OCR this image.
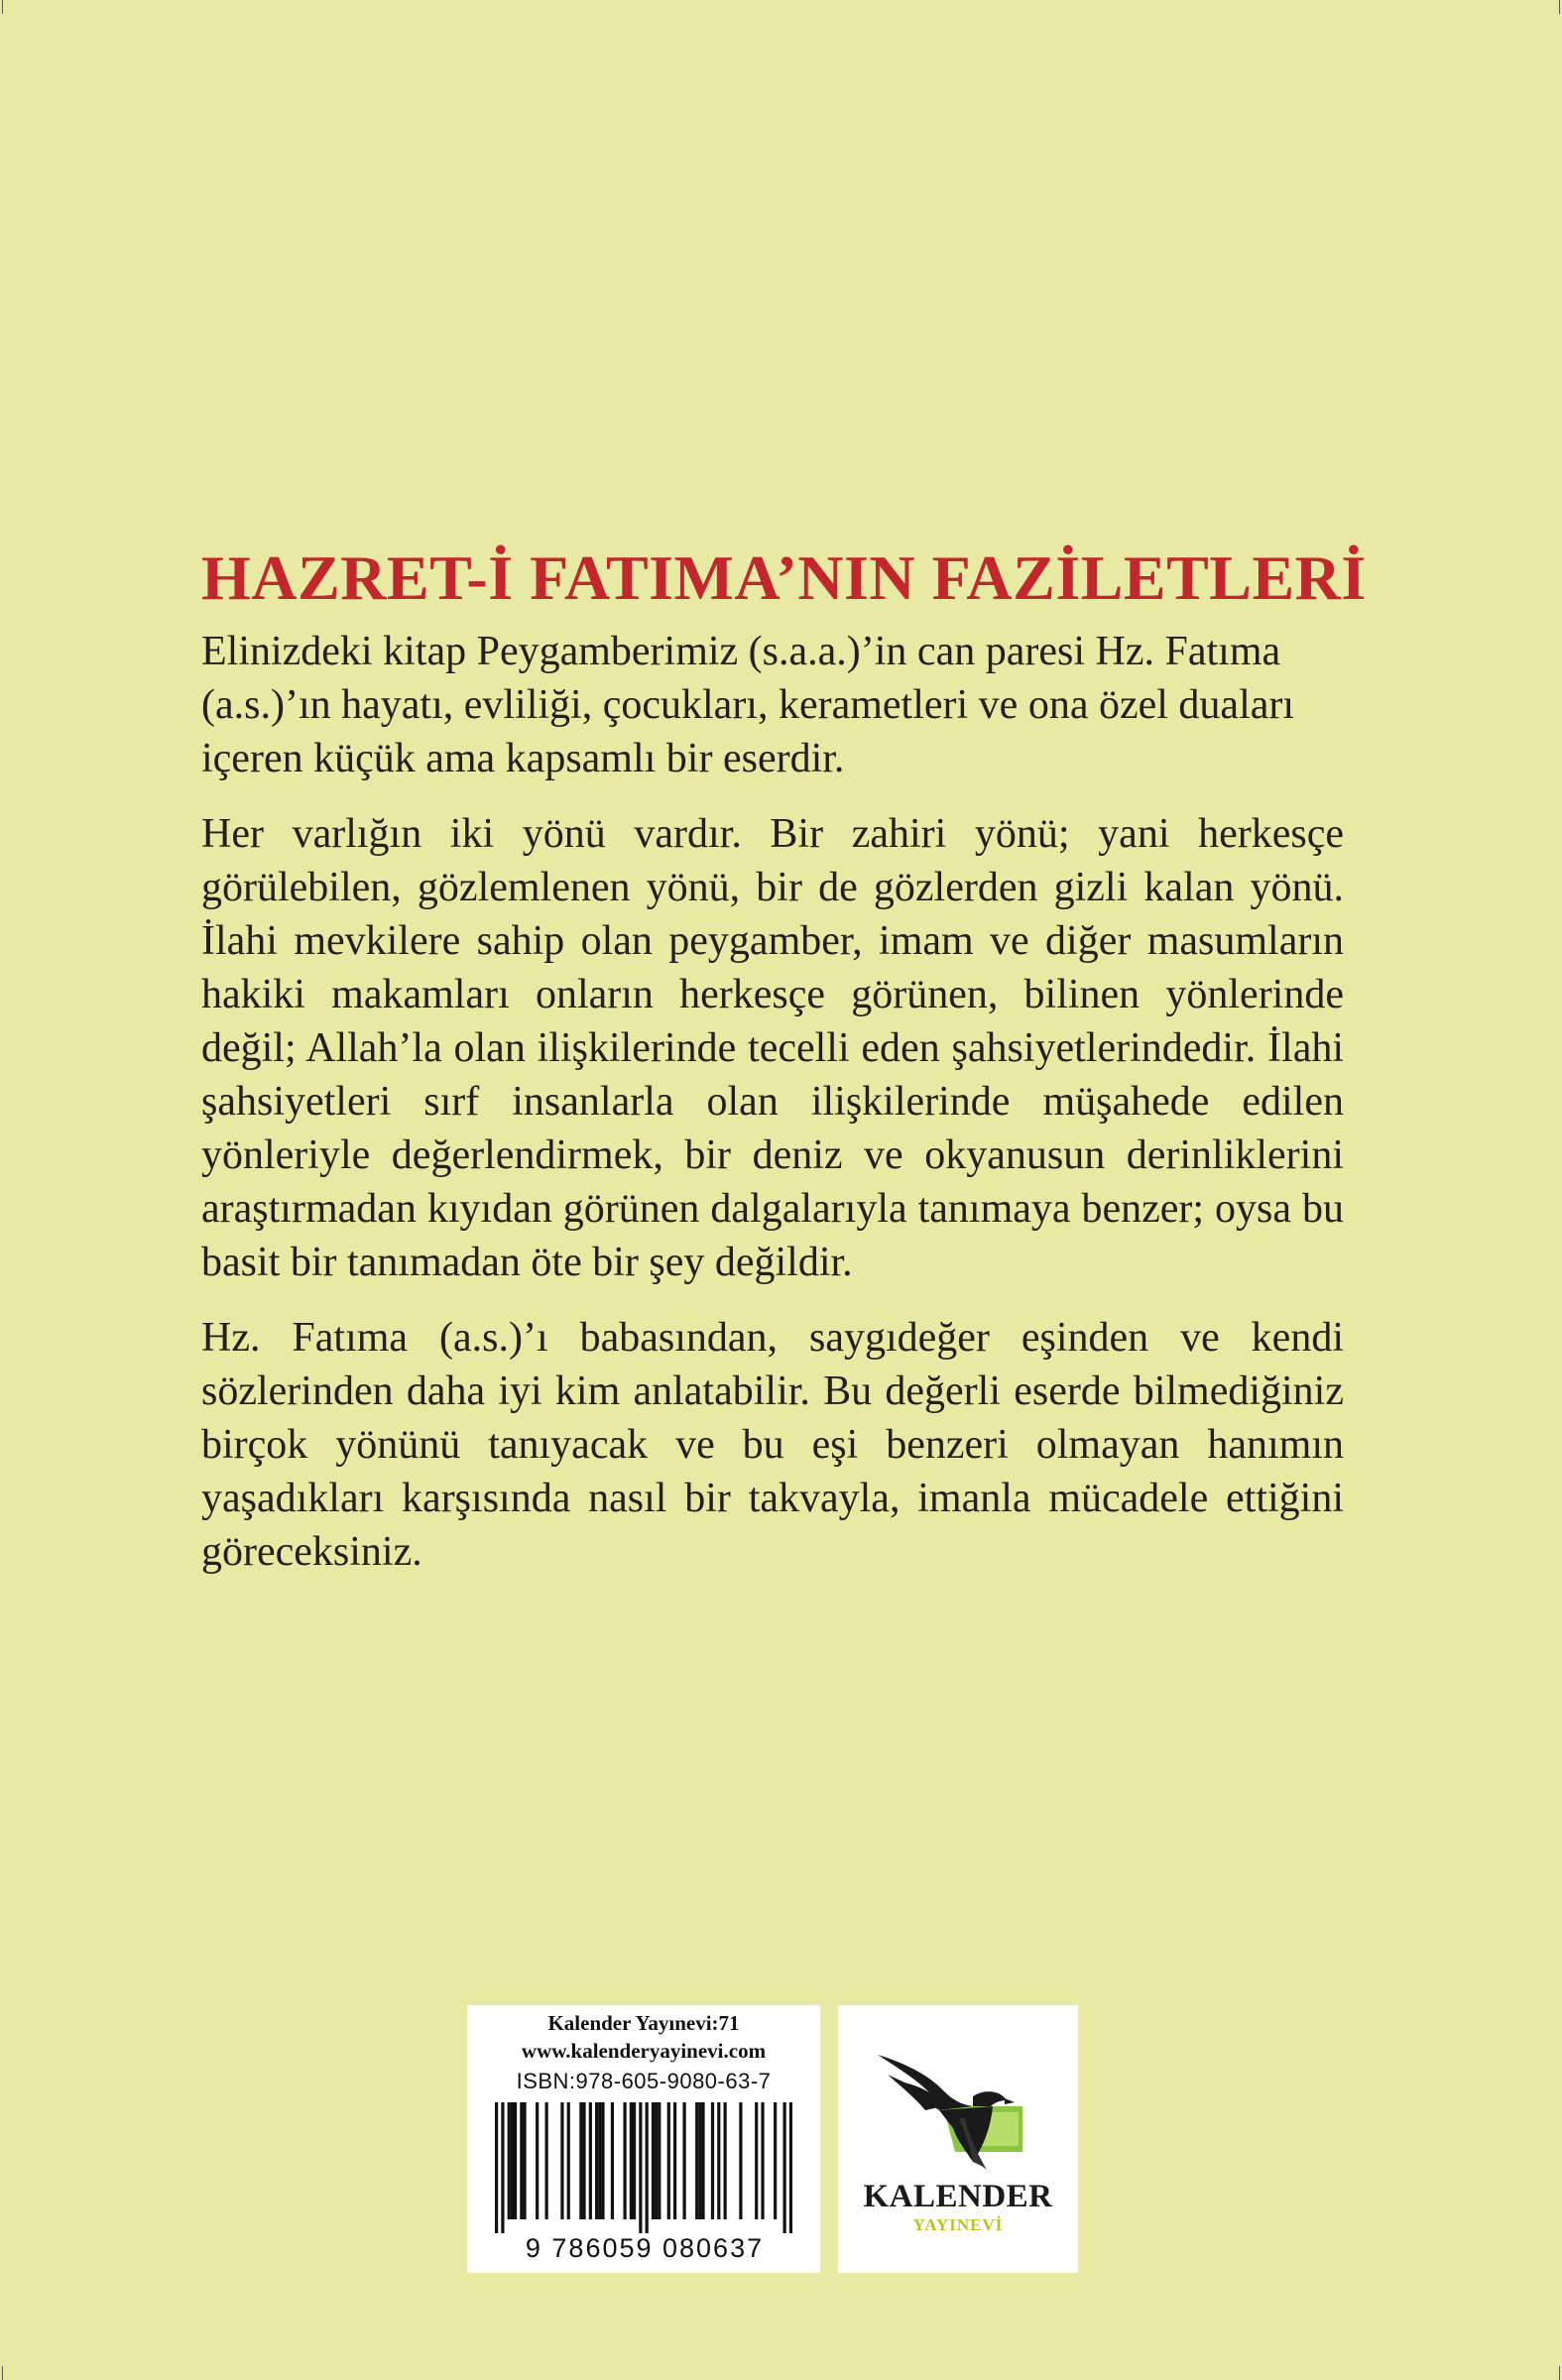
HAZRET-İ FATIMA’NIN FAZİLETLERİ

Elinizdeki kitap Peygamberimiz (s.a.a.)’in can paresi Hz. Fatıma (a.s.)’ın hayatı, evliliği, çocukları, kerametleri ve ona özel duaları içeren küçük ama kapsamlı bir eserdir.

Her varlığın iki yönü vardır. Bir zahiri yönü; yani herkesçe görülebilen, gözlemlenen yönü, bir de gözlerden gizli kalan yönü. İlahi mevkilere sahip olan peygamber, imam ve diğer masumların hakiki makamları onların herkesçe görünen, bilinen yönlerinde değil; Allah’la olan ilişkilerinde tecelli eden şahsiyetlerindedir. İlahi şahsiyetleri sırf insanlarla olan ilişkilerinde müşahede edilen yönleriyle değerlendirmek, bir deniz ve okyanusun derinliklerini araştırmadan kıyıdan görünen dalgalarıyla tanımaya benzer; oysa bu basit bir tanımadan öte bir şey değildir.

Hz. Fatıma (a.s.)’ı babasından, saygıdeğer eşinden ve kendi sözlerinden daha iyi kim anlatabilir. Bu değerli eserde bilmediğiniz birçok yönünü tanıyacak ve bu eşi benzeri olmayan hanımın yaşadıkları karşısında nasıl bir takvayla, imanla mücadele ettiğini göreceksiniz.

Kalender Yayınevi:71
www.kalenderyayinevi.com
ISBN:978-605-9080-63-7
9 786059 080637
KALENDER
YAYINEVİ
